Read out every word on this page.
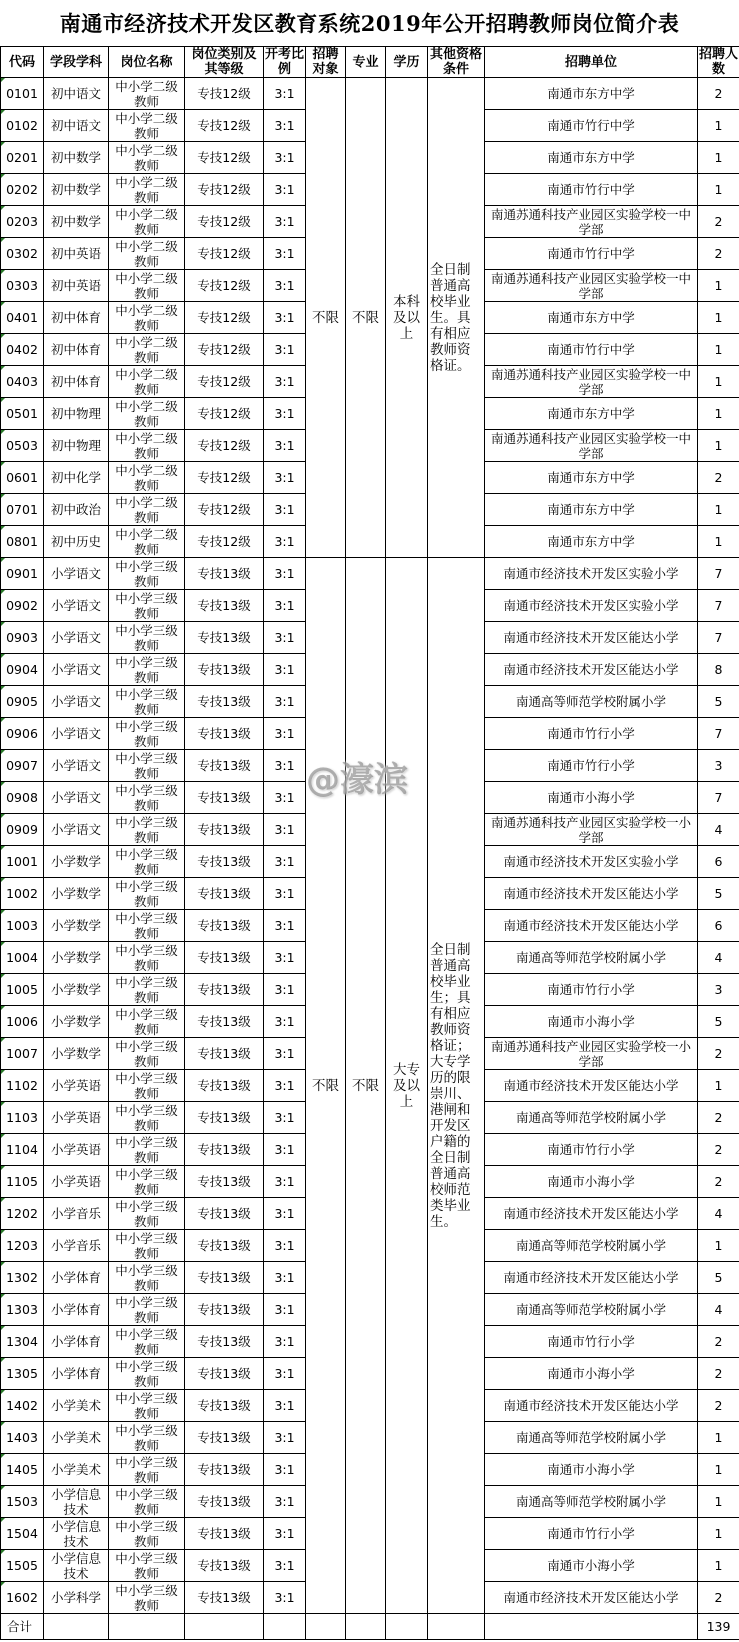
南通市经济技术开发区教育系统2019年公开招聘教师岗位简介表
代码	学段学科	岗位名称	岗位类别及其等级	开考比例	招聘对象	专业	学历	其他资格条件	招聘单位	招聘人数
0101	初中语文	中小学二级教师	专技12级	3:1	不限	不限	本科及以上	全日制普通高校毕业生。具有相应教师资格证。	南通市东方中学	2
0102	初中语文	中小学二级教师	专技12级	3:1					南通市竹行中学	1
0201	初中数学	中小学二级教师	专技12级	3:1					南通市东方中学	1
0202	初中数学	中小学二级教师	专技12级	3:1					南通市竹行中学	1
0203	初中数学	中小学二级教师	专技12级	3:1					南通苏通科技产业园区实验学校一中学部	2
0302	初中英语	中小学二级教师	专技12级	3:1					南通市竹行中学	2
0303	初中英语	中小学二级教师	专技12级	3:1					南通苏通科技产业园区实验学校一中学部	1
0401	初中体育	中小学二级教师	专技12级	3:1					南通市东方中学	1
0402	初中体育	中小学二级教师	专技12级	3:1					南通市竹行中学	1
0403	初中体育	中小学二级教师	专技12级	3:1					南通苏通科技产业园区实验学校一中学部	1
0501	初中物理	中小学二级教师	专技12级	3:1					南通市东方中学	1
0503	初中物理	中小学二级教师	专技12级	3:1					南通苏通科技产业园区实验学校一中学部	1
0601	初中化学	中小学二级教师	专技12级	3:1					南通市东方中学	2
0701	初中政治	中小学二级教师	专技12级	3:1					南通市东方中学	1
0801	初中历史	中小学二级教师	专技12级	3:1					南通市东方中学	1
0901	小学语文	中小学三级教师	专技13级	3:1	不限	不限	大专及以上	全日制普通高校毕业生；具有相应教师资格证；大专学历的限崇川、港闸和开发区户籍的全日制普通高校师范类毕业生。	南通市经济技术开发区实验小学	7
0902	小学语文	中小学三级教师	专技13级	3:1					南通市经济技术开发区实验小学	7
0903	小学语文	中小学三级教师	专技13级	3:1					南通市经济技术开发区能达小学	7
0904	小学语文	中小学三级教师	专技13级	3:1					南通市经济技术开发区能达小学	8
0905	小学语文	中小学三级教师	专技13级	3:1					南通高等师范学校附属小学	5
0906	小学语文	中小学三级教师	专技13级	3:1					南通市竹行小学	7
0907	小学语文	中小学三级教师	专技13级	3:1					南通市竹行小学	3
0908	小学语文	中小学三级教师	专技13级	3:1					南通市小海小学	7
0909	小学语文	中小学三级教师	专技13级	3:1					南通苏通科技产业园区实验学校一小学部	4
1001	小学数学	中小学三级教师	专技13级	3:1					南通市经济技术开发区实验小学	6
1002	小学数学	中小学三级教师	专技13级	3:1					南通市经济技术开发区能达小学	5
1003	小学数学	中小学三级教师	专技13级	3:1					南通市经济技术开发区能达小学	6
1004	小学数学	中小学三级教师	专技13级	3:1					南通高等师范学校附属小学	4
1005	小学数学	中小学三级教师	专技13级	3:1					南通市竹行小学	3
1006	小学数学	中小学三级教师	专技13级	3:1					南通市小海小学	5
1007	小学数学	中小学三级教师	专技13级	3:1					南通苏通科技产业园区实验学校一小学部	2
1102	小学英语	中小学三级教师	专技13级	3:1					南通市经济技术开发区能达小学	1
1103	小学英语	中小学三级教师	专技13级	3:1					南通高等师范学校附属小学	2
1104	小学英语	中小学三级教师	专技13级	3:1					南通市竹行小学	2
1105	小学英语	中小学三级教师	专技13级	3:1					南通市小海小学	2
1202	小学音乐	中小学三级教师	专技13级	3:1					南通市经济技术开发区能达小学	4
1203	小学音乐	中小学三级教师	专技13级	3:1					南通高等师范学校附属小学	1
1302	小学体育	中小学三级教师	专技13级	3:1					南通市经济技术开发区能达小学	5
1303	小学体育	中小学三级教师	专技13级	3:1					南通高等师范学校附属小学	4
1304	小学体育	中小学三级教师	专技13级	3:1					南通市竹行小学	2
1305	小学体育	中小学三级教师	专技13级	3:1					南通市小海小学	2
1402	小学美术	中小学三级教师	专技13级	3:1					南通市经济技术开发区能达小学	2
1403	小学美术	中小学三级教师	专技13级	3:1					南通高等师范学校附属小学	1
1405	小学美术	中小学三级教师	专技13级	3:1					南通市小海小学	1
1503	小学信息技术	中小学三级教师	专技13级	3:1					南通高等师范学校附属小学	1
1504	小学信息技术	中小学三级教师	专技13级	3:1					南通市竹行小学	1
1505	小学信息技术	中小学三级教师	专技13级	3:1					南通市小海小学	1
1602	小学科学	中小学三级教师	专技13级	3:1					南通市经济技术开发区能达小学	2
合计										139
@濠滨
